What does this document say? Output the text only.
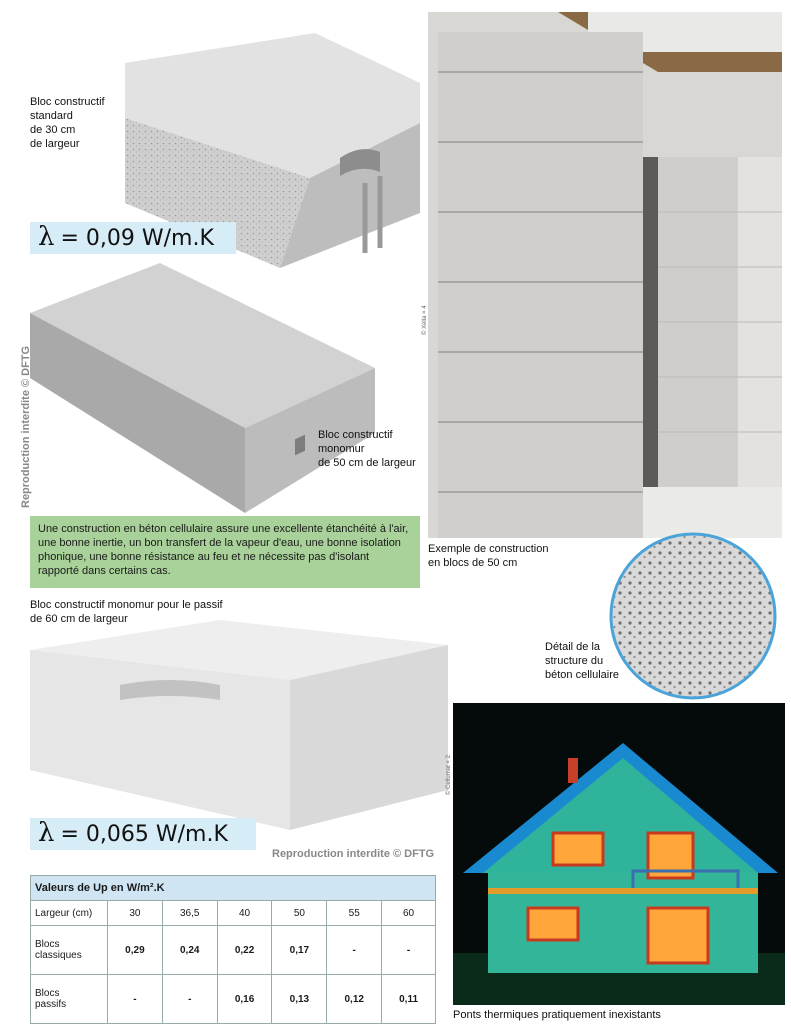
Bloc constructif
standard
de 30 cm
de largeur
λ = 0,09 W/m.K
Reproduction interdite © DFTG	Bloc constructif
monomur
de 50 cm de largeur
© Xella × 4
Une construction en béton cellulaire assure une excellente étanchéité à l'air, une bonne inertie, un bon transfert de la vapeur d'eau, une bonne isolation phonique, une bonne résistance au feu et ne nécessite pas d'isolant rapporté dans certains cas.
Exemple de construction
en blocs de 50 cm
Détail de la
structure du
béton cellulaire
Bloc constructif monomur pour le passif
de 60 cm de largeur
© Cellumat × 2
λ = 0,065 W/m.K
Reproduction interdite © DFTG
Valeurs de Up en W/m².K						
Largeur (cm)	30	36,5	40	50	55	60

Blocs
classiques	0,29	0,24	0,22	0,17	-	-

Blocs
passifs	-	-	0,16	0,13	0,12	0,11
Ponts thermiques pratiquement inexistants
